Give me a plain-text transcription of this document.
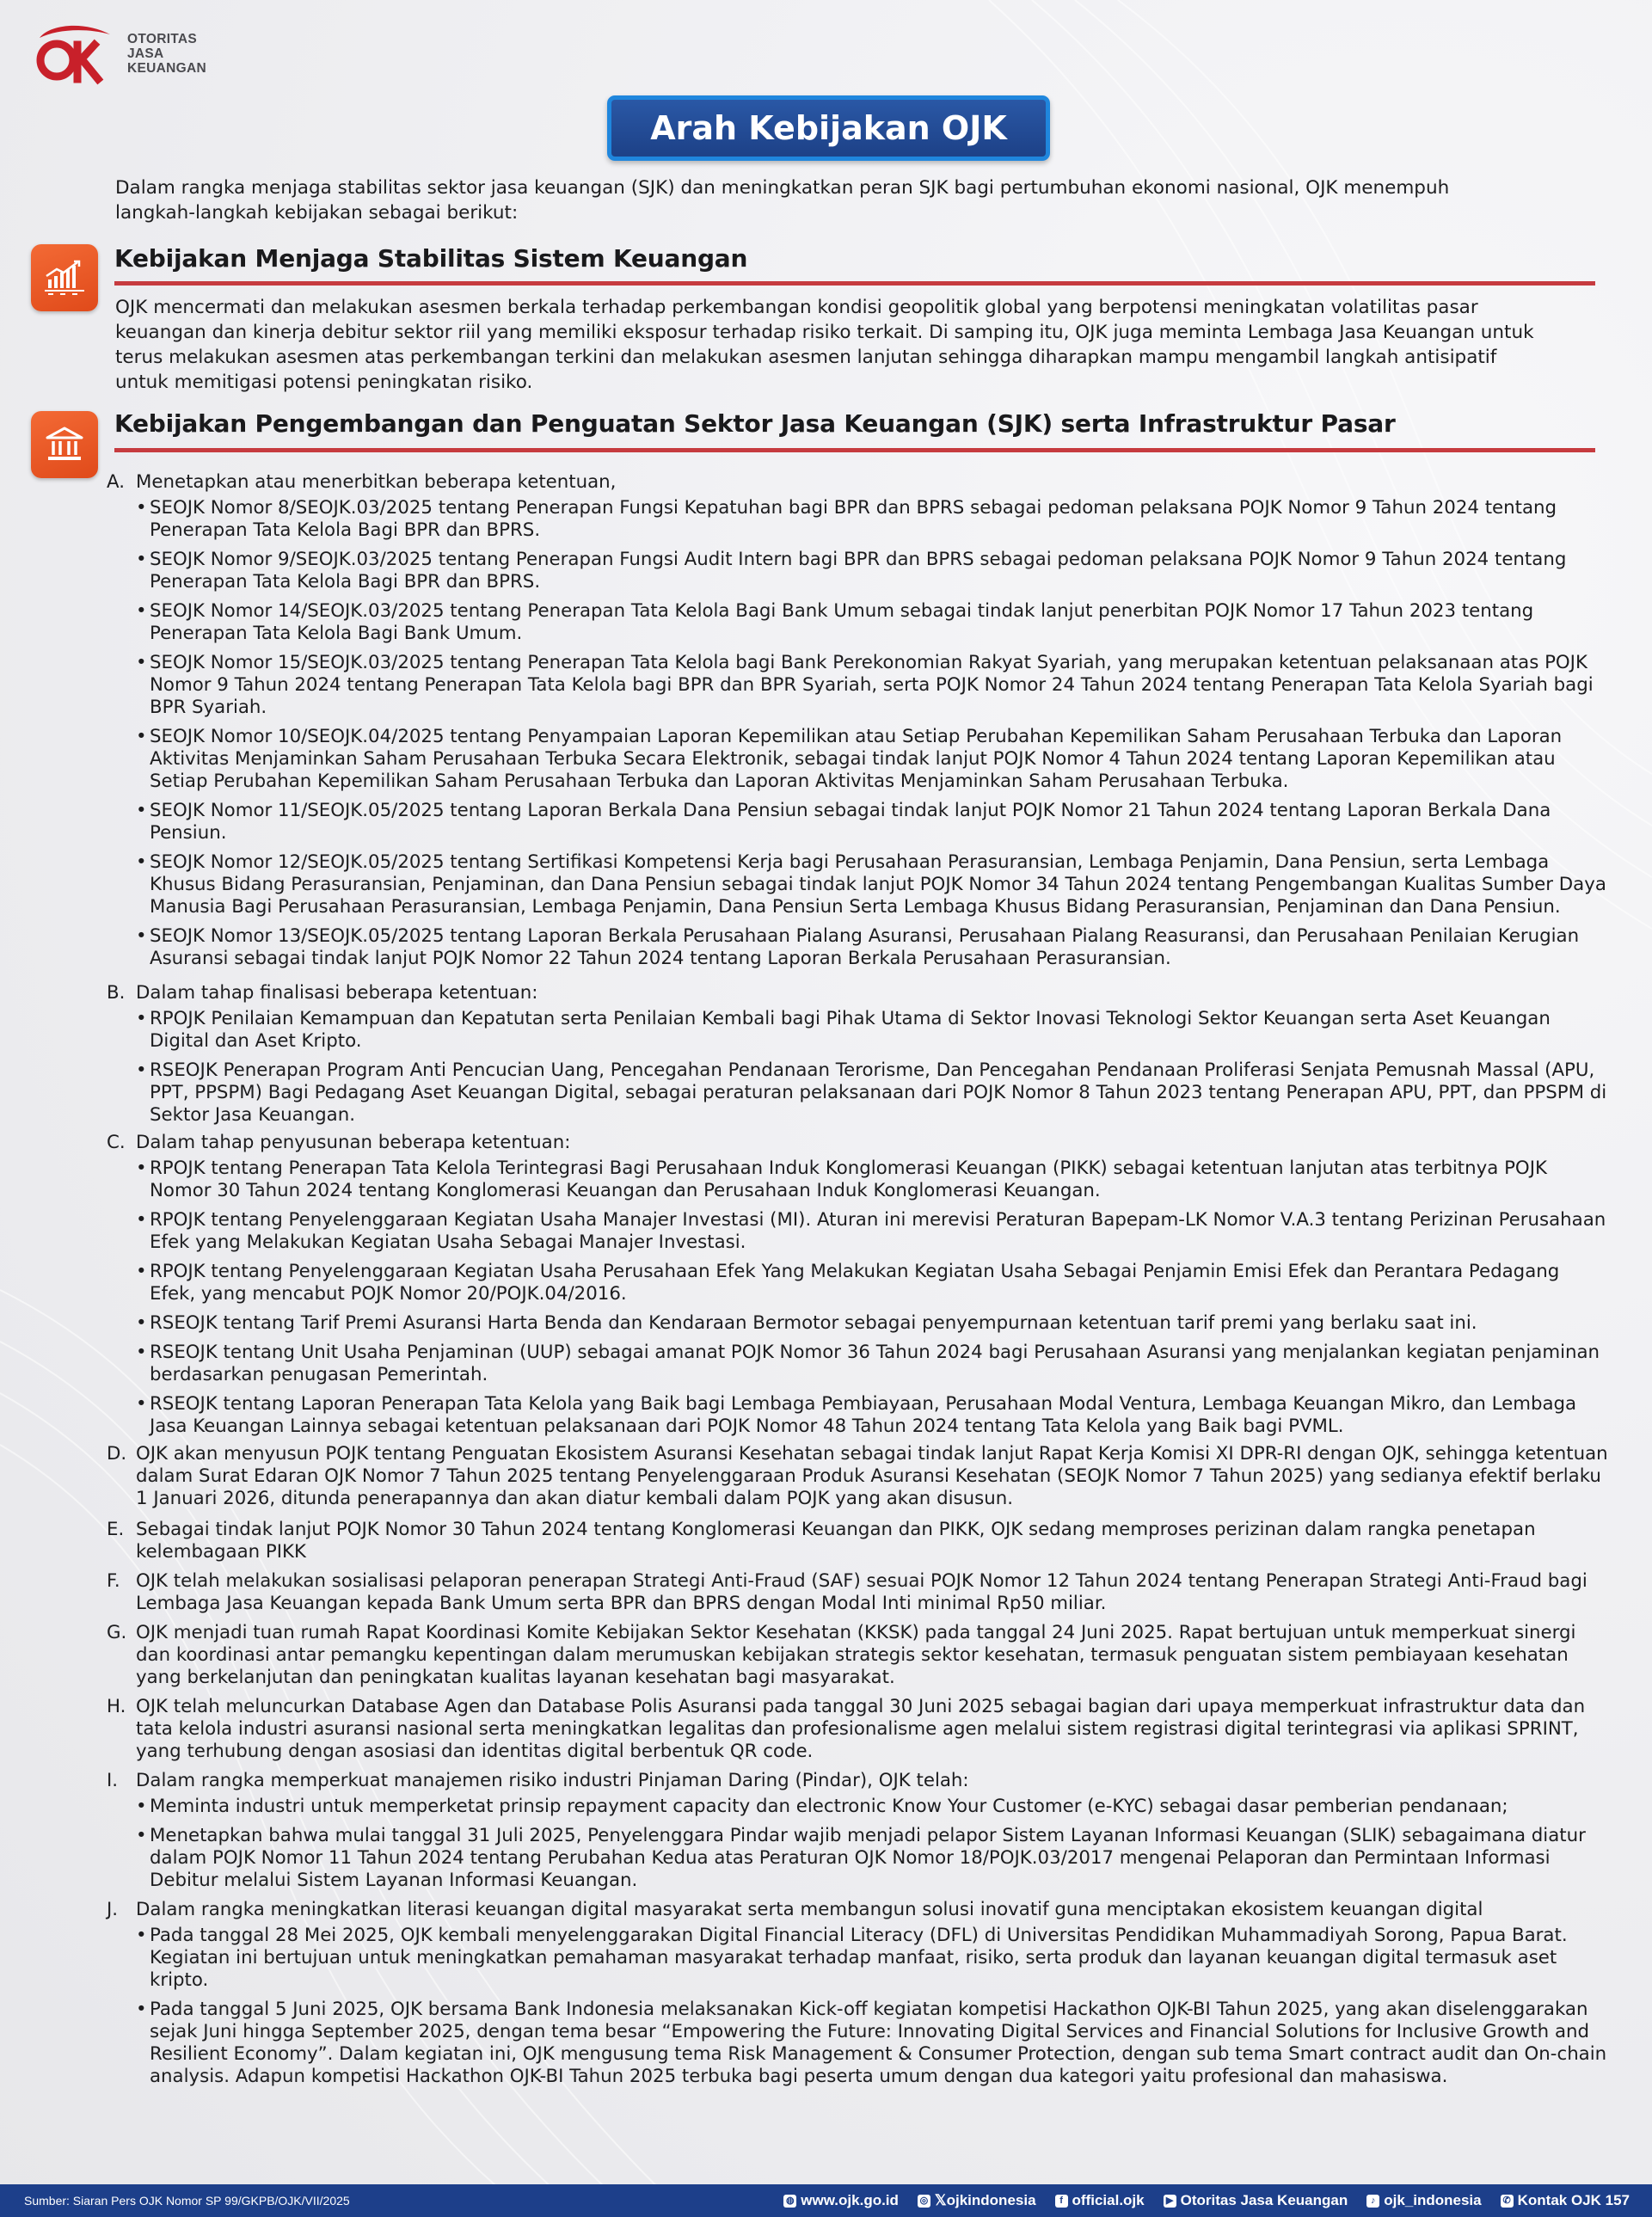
OTORITAS
JASA
KEUANGAN
Arah Kebijakan OJK
Dalam rangka menjaga stabilitas sektor jasa keuangan (SJK) dan meningkatkan peran SJK bagi pertumbuhan ekonomi nasional, OJK menempuh langkah-langkah kebijakan sebagai berikut:
Kebijakan Menjaga Stabilitas Sistem Keuangan
OJK mencermati dan melakukan asesmen berkala terhadap perkembangan kondisi geopolitik global yang berpotensi meningkatan volatilitas pasar keuangan dan kinerja debitur sektor riil yang memiliki eksposur terhadap risiko terkait. Di samping itu, OJK juga meminta Lembaga Jasa Keuangan untuk terus melakukan asesmen atas perkembangan terkini dan melakukan asesmen lanjutan sehingga diharapkan mampu mengambil langkah antisipatif untuk memitigasi potensi peningkatan risiko.
Kebijakan Pengembangan dan Penguatan Sektor Jasa Keuangan (SJK) serta Infrastruktur Pasar
A. Menetapkan atau menerbitkan beberapa ketentuan,
• SEOJK Nomor 8/SEOJK.03/2025 tentang Penerapan Fungsi Kepatuhan bagi BPR dan BPRS sebagai pedoman pelaksana POJK Nomor 9 Tahun 2024 tentang Penerapan Tata Kelola Bagi BPR dan BPRS.
• SEOJK Nomor 9/SEOJK.03/2025 tentang Penerapan Fungsi Audit Intern bagi BPR dan BPRS sebagai pedoman pelaksana POJK Nomor 9 Tahun 2024 tentang Penerapan Tata Kelola Bagi BPR dan BPRS.
• SEOJK Nomor 14/SEOJK.03/2025 tentang Penerapan Tata Kelola Bagi Bank Umum sebagai tindak lanjut penerbitan POJK Nomor 17 Tahun 2023 tentang Penerapan Tata Kelola Bagi Bank Umum.
• SEOJK Nomor 15/SEOJK.03/2025 tentang Penerapan Tata Kelola bagi Bank Perekonomian Rakyat Syariah, yang merupakan ketentuan pelaksanaan atas POJK Nomor 9 Tahun 2024 tentang Penerapan Tata Kelola bagi BPR dan BPR Syariah, serta POJK Nomor 24 Tahun 2024 tentang Penerapan Tata Kelola Syariah bagi BPR Syariah.
• SEOJK Nomor 10/SEOJK.04/2025 tentang Penyampaian Laporan Kepemilikan atau Setiap Perubahan Kepemilikan Saham Perusahaan Terbuka dan Laporan Aktivitas Menjaminkan Saham Perusahaan Terbuka Secara Elektronik, sebagai tindak lanjut POJK Nomor 4 Tahun 2024 tentang Laporan Kepemilikan atau Setiap Perubahan Kepemilikan Saham Perusahaan Terbuka dan Laporan Aktivitas Menjaminkan Saham Perusahaan Terbuka.
• SEOJK Nomor 11/SEOJK.05/2025 tentang Laporan Berkala Dana Pensiun sebagai tindak lanjut POJK Nomor 21 Tahun 2024 tentang Laporan Berkala Dana Pensiun.
• SEOJK Nomor 12/SEOJK.05/2025 tentang Sertifikasi Kompetensi Kerja bagi Perusahaan Perasuransian, Lembaga Penjamin, Dana Pensiun, serta Lembaga Khusus Bidang Perasuransian, Penjaminan, dan Dana Pensiun sebagai tindak lanjut POJK Nomor 34 Tahun 2024 tentang Pengembangan Kualitas Sumber Daya Manusia Bagi Perusahaan Perasuransian, Lembaga Penjamin, Dana Pensiun Serta Lembaga Khusus Bidang Perasuransian, Penjaminan dan Dana Pensiun.
• SEOJK Nomor 13/SEOJK.05/2025 tentang Laporan Berkala Perusahaan Pialang Asuransi, Perusahaan Pialang Reasuransi, dan Perusahaan Penilaian Kerugian Asuransi sebagai tindak lanjut POJK Nomor 22 Tahun 2024 tentang Laporan Berkala Perusahaan Perasuransian.
B. Dalam tahap finalisasi beberapa ketentuan:
• RPOJK Penilaian Kemampuan dan Kepatutan serta Penilaian Kembali bagi Pihak Utama di Sektor Inovasi Teknologi Sektor Keuangan serta Aset Keuangan Digital dan Aset Kripto.
• RSEOJK Penerapan Program Anti Pencucian Uang, Pencegahan Pendanaan Terorisme, Dan Pencegahan Pendanaan Proliferasi Senjata Pemusnah Massal (APU, PPT, PPSPM) Bagi Pedagang Aset Keuangan Digital, sebagai peraturan pelaksanaan dari POJK Nomor 8 Tahun 2023 tentang Penerapan APU, PPT, dan PPSPM di Sektor Jasa Keuangan.
C. Dalam tahap penyusunan beberapa ketentuan:
• RPOJK tentang Penerapan Tata Kelola Terintegrasi Bagi Perusahaan Induk Konglomerasi Keuangan (PIKK) sebagai ketentuan lanjutan atas terbitnya POJK Nomor 30 Tahun 2024 tentang Konglomerasi Keuangan dan Perusahaan Induk Konglomerasi Keuangan.
• RPOJK tentang Penyelenggaraan Kegiatan Usaha Manajer Investasi (MI). Aturan ini merevisi Peraturan Bapepam-LK Nomor V.A.3 tentang Perizinan Perusahaan Efek yang Melakukan Kegiatan Usaha Sebagai Manajer Investasi.
• RPOJK tentang Penyelenggaraan Kegiatan Usaha Perusahaan Efek Yang Melakukan Kegiatan Usaha Sebagai Penjamin Emisi Efek dan Perantara Pedagang Efek, yang mencabut POJK Nomor 20/POJK.04/2016.
• RSEOJK tentang Tarif Premi Asuransi Harta Benda dan Kendaraan Bermotor sebagai penyempurnaan ketentuan tarif premi yang berlaku saat ini.
• RSEOJK tentang Unit Usaha Penjaminan (UUP) sebagai amanat POJK Nomor 36 Tahun 2024 bagi Perusahaan Asuransi yang menjalankan kegiatan penjaminan berdasarkan penugasan Pemerintah.
• RSEOJK tentang Laporan Penerapan Tata Kelola yang Baik bagi Lembaga Pembiayaan, Perusahaan Modal Ventura, Lembaga Keuangan Mikro, dan Lembaga Jasa Keuangan Lainnya sebagai ketentuan pelaksanaan dari POJK Nomor 48 Tahun 2024 tentang Tata Kelola yang Baik bagi PVML.
D. OJK akan menyusun POJK tentang Penguatan Ekosistem Asuransi Kesehatan sebagai tindak lanjut Rapat Kerja Komisi XI DPR-RI dengan OJK, sehingga ketentuan dalam Surat Edaran OJK Nomor 7 Tahun 2025 tentang Penyelenggaraan Produk Asuransi Kesehatan (SEOJK Nomor 7 Tahun 2025) yang sedianya efektif berlaku 1 Januari 2026, ditunda penerapannya dan akan diatur kembali dalam POJK yang akan disusun.
E. Sebagai tindak lanjut POJK Nomor 30 Tahun 2024 tentang Konglomerasi Keuangan dan PIKK, OJK sedang memproses perizinan dalam rangka penetapan kelembagaan PIKK
F. OJK telah melakukan sosialisasi pelaporan penerapan Strategi Anti-Fraud (SAF) sesuai POJK Nomor 12 Tahun 2024 tentang Penerapan Strategi Anti-Fraud bagi Lembaga Jasa Keuangan kepada Bank Umum serta BPR dan BPRS dengan Modal Inti minimal Rp50 miliar.
G. OJK menjadi tuan rumah Rapat Koordinasi Komite Kebijakan Sektor Kesehatan (KKSK) pada tanggal 24 Juni 2025. Rapat bertujuan untuk memperkuat sinergi dan koordinasi antar pemangku kepentingan dalam merumuskan kebijakan strategis sektor kesehatan, termasuk penguatan sistem pembiayaan kesehatan yang berkelanjutan dan peningkatan kualitas layanan kesehatan bagi masyarakat.
H. OJK telah meluncurkan Database Agen dan Database Polis Asuransi pada tanggal 30 Juni 2025 sebagai bagian dari upaya memperkuat infrastruktur data dan tata kelola industri asuransi nasional serta meningkatkan legalitas dan profesionalisme agen melalui sistem registrasi digital terintegrasi via aplikasi SPRINT, yang terhubung dengan asosiasi dan identitas digital berbentuk QR code.
I. Dalam rangka memperkuat manajemen risiko industri Pinjaman Daring (Pindar), OJK telah:
• Meminta industri untuk memperketat prinsip repayment capacity dan electronic Know Your Customer (e-KYC) sebagai dasar pemberian pendanaan;
• Menetapkan bahwa mulai tanggal 31 Juli 2025, Penyelenggara Pindar wajib menjadi pelapor Sistem Layanan Informasi Keuangan (SLIK) sebagaimana diatur dalam POJK Nomor 11 Tahun 2024 tentang Perubahan Kedua atas Peraturan OJK Nomor 18/POJK.03/2017 mengenai Pelaporan dan Permintaan Informasi Debitur melalui Sistem Layanan Informasi Keuangan.
J. Dalam rangka meningkatkan literasi keuangan digital masyarakat serta membangun solusi inovatif guna menciptakan ekosistem keuangan digital
• Pada tanggal 28 Mei 2025, OJK kembali menyelenggarakan Digital Financial Literacy (DFL) di Universitas Pendidikan Muhammadiyah Sorong, Papua Barat. Kegiatan ini bertujuan untuk meningkatkan pemahaman masyarakat terhadap manfaat, risiko, serta produk dan layanan keuangan digital termasuk aset kripto.
• Pada tanggal 5 Juni 2025, OJK bersama Bank Indonesia melaksanakan Kick-off kegiatan kompetisi Hackathon OJK-BI Tahun 2025, yang akan diselenggarakan sejak Juni hingga September 2025, dengan tema besar “Empowering the Future: Innovating Digital Services and Financial Solutions for Inclusive Growth and Resilient Economy”. Dalam kegiatan ini, OJK mengusung tema Risk Management & Consumer Protection, dengan sub tema Smart contract audit dan On-chain analysis. Adapun kompetisi Hackathon OJK-BI Tahun 2025 terbuka bagi peserta umum dengan dua kategori yaitu profesional dan mahasiswa.
Sumber: Siaran Pers OJK Nomor SP 99/GKPB/OJK/VII/2025	◍ www.ojk.go.id ◎ 𝕏ojkindonesia	f official.ojk ▶ Otoritas Jasa Keuangan	♪ ojk_indonesia ✆ Kontak OJK 157
